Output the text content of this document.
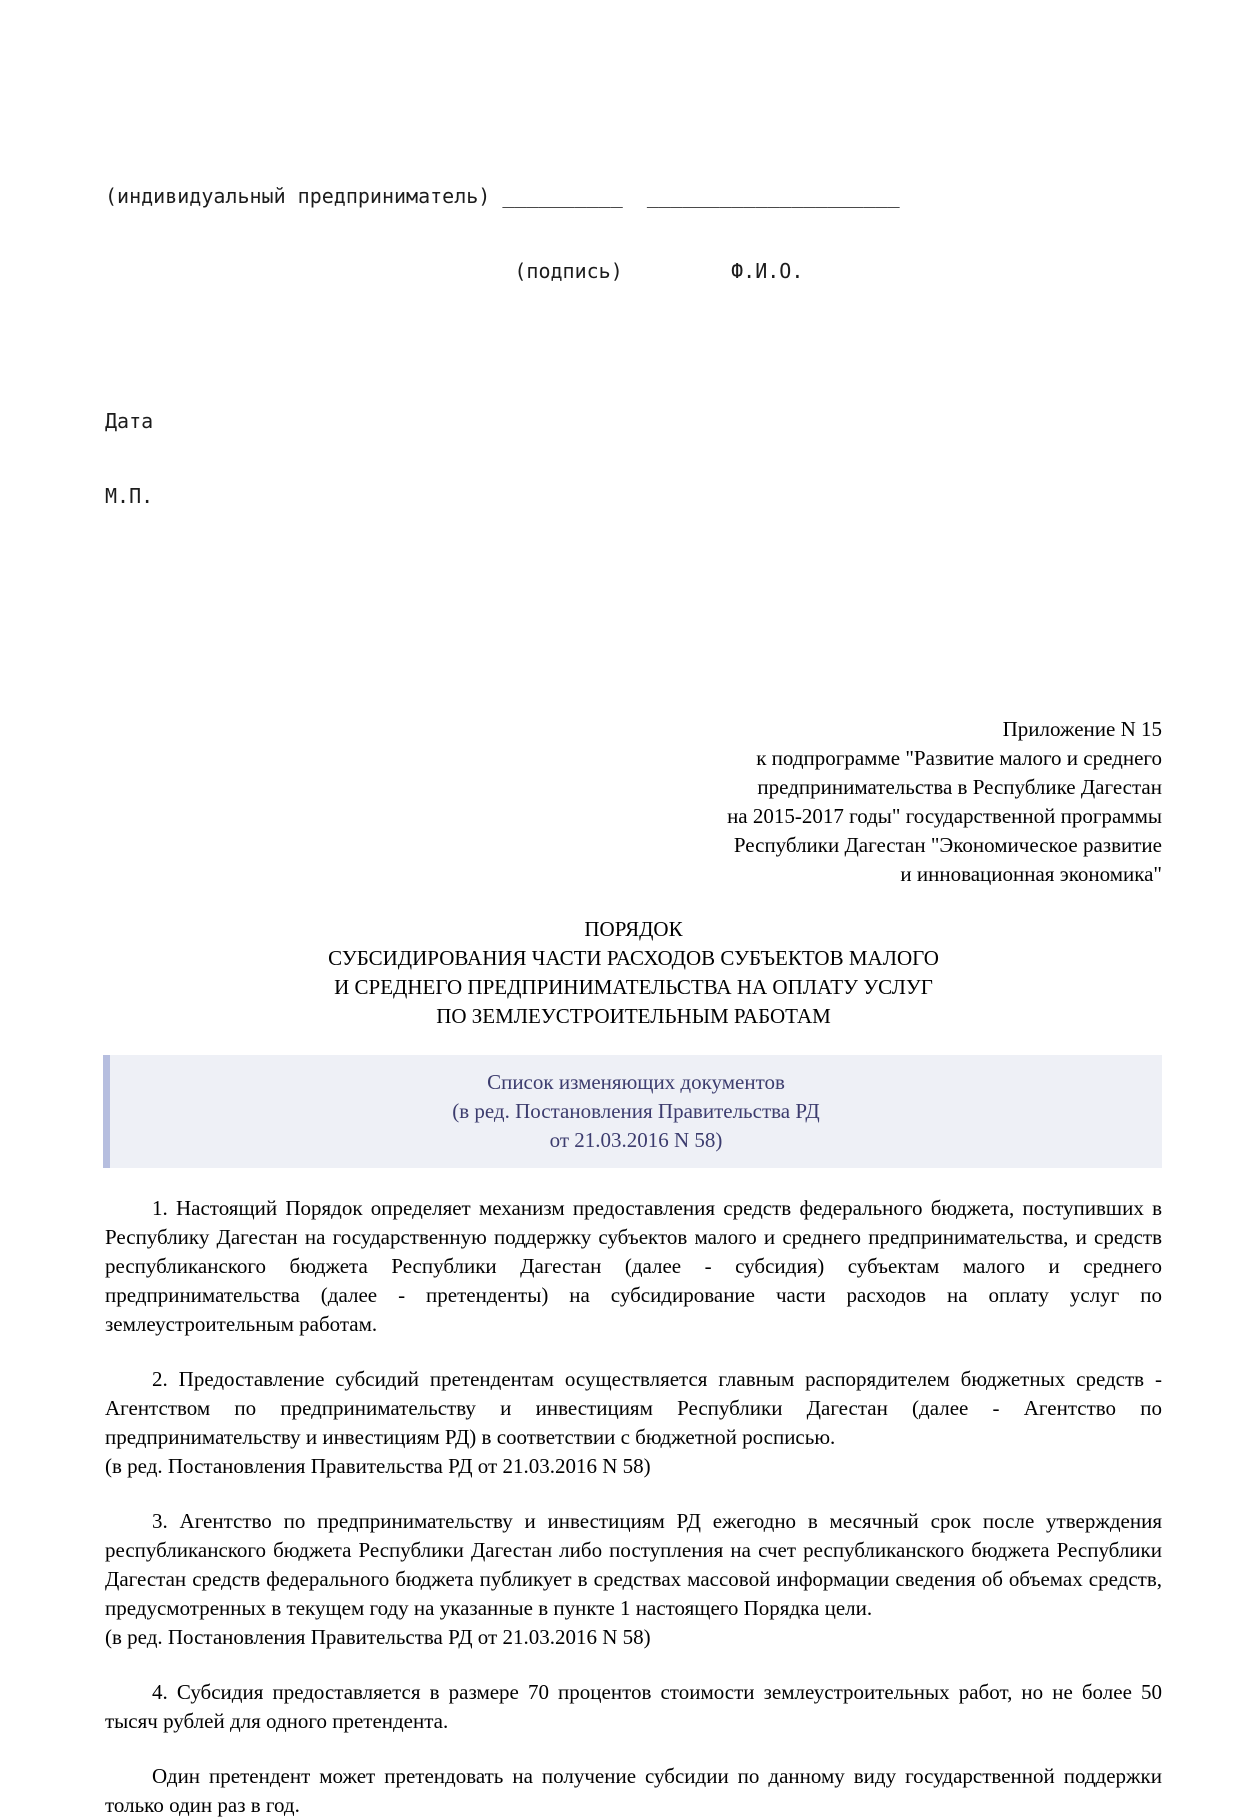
(индивидуальный предприниматель) __________  _____________________

(подпись)         Ф.И.О.

Дата

М.П.

Приложение N 15
к подпрограмме "Развитие малого и среднего
предпринимательства в Республике Дагестан
на 2015-2017 годы" государственной программы
Республики Дагестан "Экономическое развитие
и инновационная экономика"
ПОРЯДОК
СУБСИДИРОВАНИЯ ЧАСТИ РАСХОДОВ СУБЪЕКТОВ МАЛОГО
И СРЕДНЕГО ПРЕДПРИНИМАТЕЛЬСТВА НА ОПЛАТУ УСЛУГ
ПО ЗЕМЛЕУСТРОИТЕЛЬНЫМ РАБОТАМ
Список изменяющих документов
(в ред. Постановления Правительства РД
от 21.03.2016 N 58)

1. Настоящий Порядок определяет механизм предоставления средств федерального бюджета, поступивших в Республику Дагестан на государственную поддержку субъектов малого и среднего предпринимательства, и средств республиканского бюджета Республики Дагестан (далее - субсидия) субъектам малого и среднего предпринимательства (далее - претенденты) на субсидирование части расходов на оплату услуг по землеустроительным работам.

2. Предоставление субсидий претендентам осуществляется главным распорядителем бюджетных средств - Агентством по предпринимательству и инвестициям Республики Дагестан (далее - Агентство по предпринимательству и инвестициям РД) в соответствии с бюджетной росписью.

(в ред. Постановления Правительства РД от 21.03.2016 N 58)

3. Агентство по предпринимательству и инвестициям РД ежегодно в месячный срок после утверждения республиканского бюджета Республики Дагестан либо поступления на счет республиканского бюджета Республики Дагестан средств федерального бюджета публикует в средствах массовой информации сведения об объемах средств, предусмотренных в текущем году на указанные в пункте 1 настоящего Порядка цели.

(в ред. Постановления Правительства РД от 21.03.2016 N 58)

4. Субсидия предоставляется в размере 70 процентов стоимости землеустроительных работ, но не более 50 тысяч рублей для одного претендента.

Один претендент может претендовать на получение субсидии по данному виду государственной поддержки только один раз в год.
